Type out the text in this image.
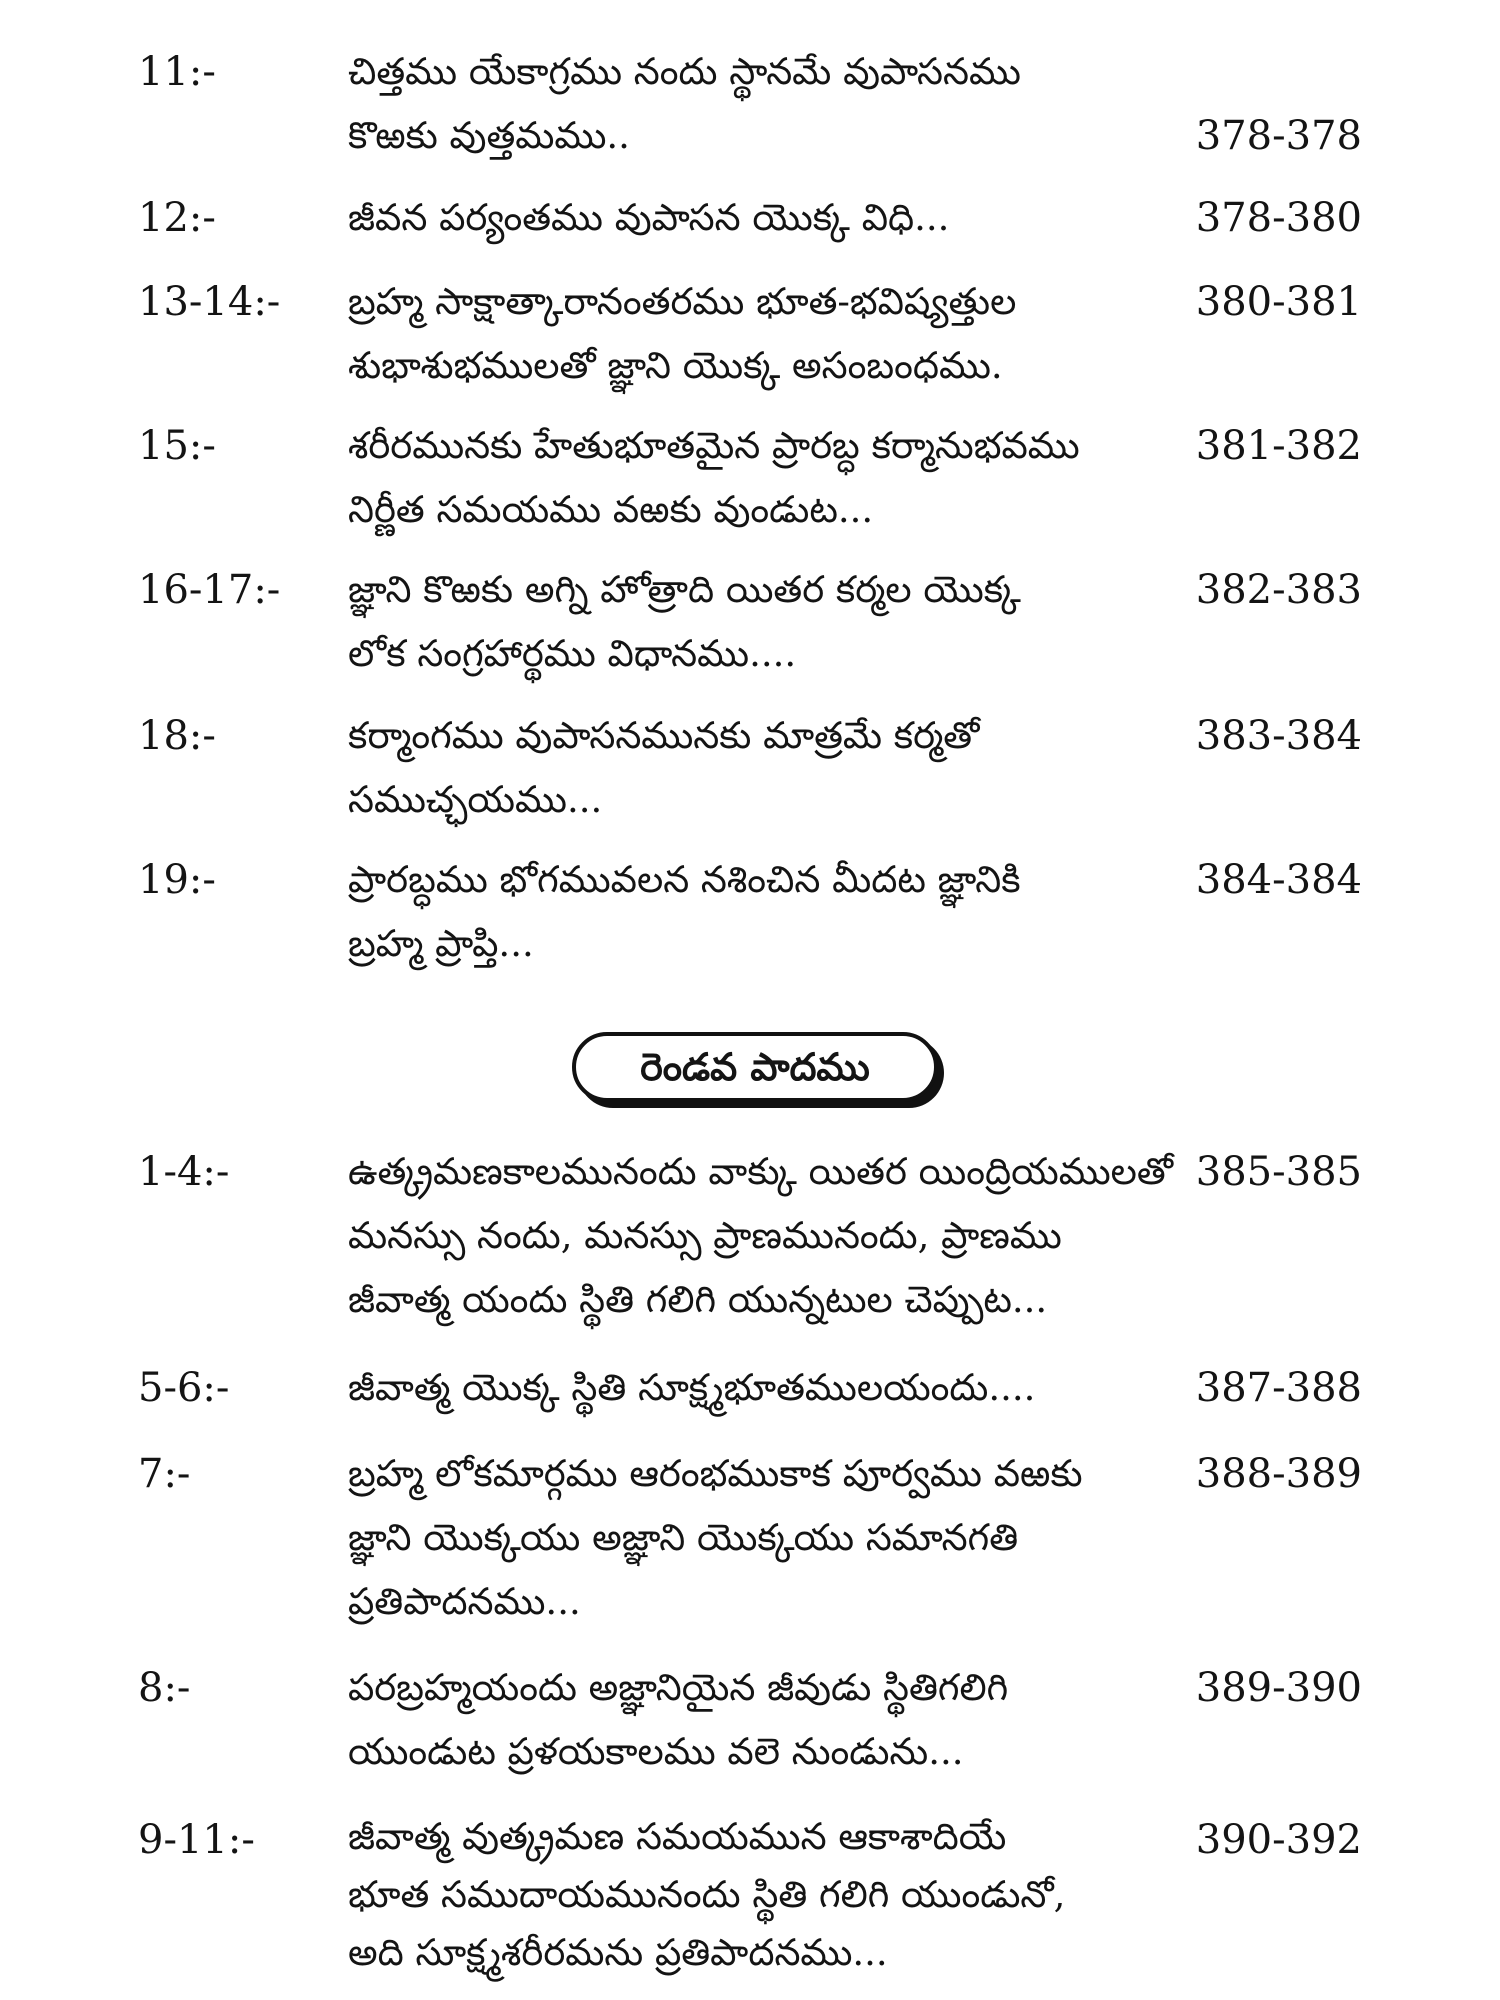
11:-	చిత్తము యేకాగ్రము నందు స్థానమే వుపాసనము
కొఱకు వుత్తమము..	378-378
12:-	జీవన పర్యంతము వుపాసన యొక్క విధి...	378-380
13-14:- బ్రహ్మ సాక్షాత్కారానంతరము భూత-భవిష్యత్తుల
శుభాశుభములతో జ్ఞాని యొక్క అసంబంధము.
380-381
15:-	శరీరమునకు హేతుభూతమైన ప్రారబ్ధ కర్మానుభవము
నిర్ణీత సమయము వఱకు వుండుట...
381-382
16-17:- జ్ఞాని కొఱకు అగ్ని హోత్రాది యితర కర్మల యొక్క
లోక సంగ్రహార్థము విధానము....
382-383
18:-	కర్మాంగము వుపాసనమునకు మాత్రమే కర్మతో
సముచ్ఛయము...
383-384
19:-	ప్రారబ్ధము భోగమువలన నశించిన మీదట జ్ఞానికి
బ్రహ్మ ప్రాప్తి...
384-384
రెండవ పాదము
1-4:-	ఉత్క్రమణకాలమునందు వాక్కు యితర యింద్రియములతో
మనస్సు నందు, మనస్సు ప్రాణమునందు, ప్రాణము
జీవాత్మ యందు స్థితి గలిగి యున్నటుల చెప్పుట...
385-385
5-6:-	జీవాత్మ యొక్క స్థితి సూక్ష్మభూతములయందు....	387-388
7:-	బ్రహ్మ లోకమార్గము ఆరంభముకాక పూర్వము వఱకు
జ్ఞాని యొక్కయు అజ్ఞాని యొక్కయు సమానగతి
ప్రతిపాదనము...
388-389
8:-	పరబ్రహ్మయందు అజ్ఞానియైన జీవుడు స్థితిగలిగి
యుండుట ప్రళయకాలము వలె నుండును...
389-390
9-11:-	జీవాత్మ వుత్క్రమణ సమయమున ఆకాశాదియే
భూత సముదాయమునందు స్థితి గలిగి యుండునో,
అది సూక్ష్మశరీరమను ప్రతిపాదనము...
390-392
